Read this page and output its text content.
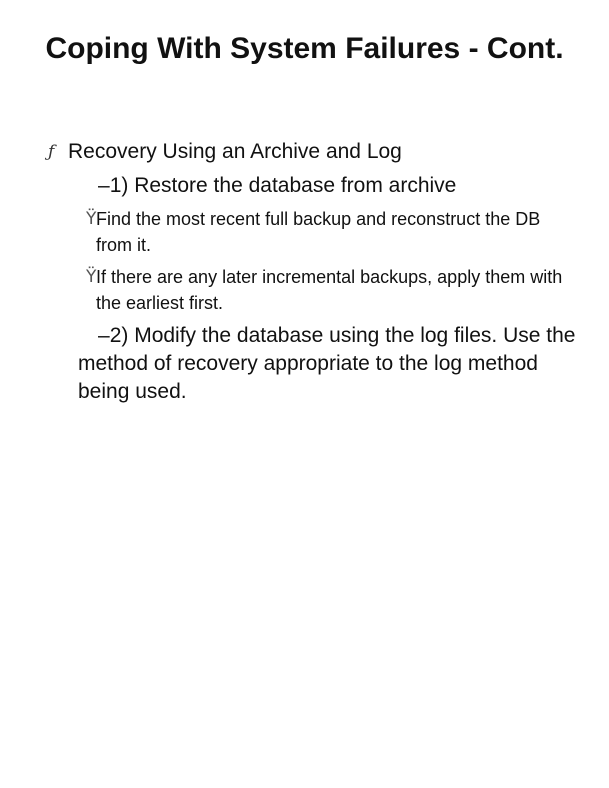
Coping With System Failures - Cont.
ƒ Recovery Using an Archive and Log
–1) Restore the database from archive
Ÿ Find the most recent full backup and reconstruct the DB from it.
Ÿ If there are any later incremental backups, apply them with the earliest first.
–2) Modify the database using the log files. Use the method of recovery appropriate to the log method being used.
